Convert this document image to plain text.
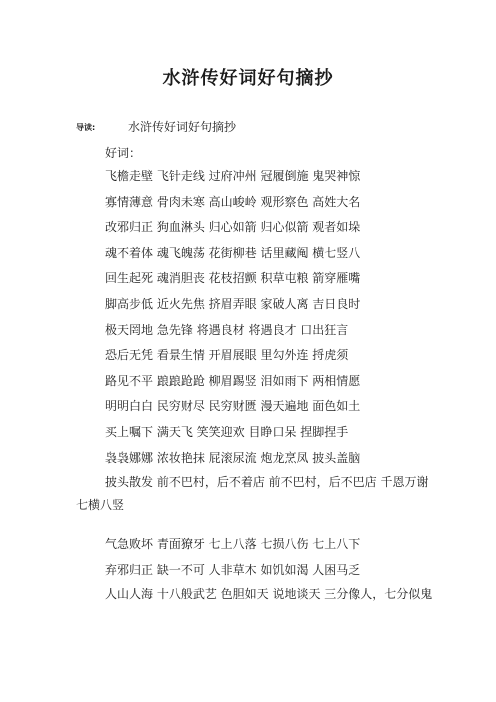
水浒传好词好句摘抄
导读:	水浒传好词好句摘抄
好词：
飞檐走壁 飞针走线 过府冲州 冠履倒施 鬼哭神惊
寡情薄意 骨肉未寒 高山峻岭 观形察色 高姓大名
改邪归正 狗血淋头 归心如箭 归心似箭 观者如垛
魂不着体 魂飞魄荡 花街柳巷 话里藏阄 横七竖八
回生起死 魂消胆丧 花枝招颤 积草屯粮 箭穿雁嘴
脚高步低 近火先焦 挤眉弄眼 家破人离 吉日良时
极天罔地 急先锋 将遇良材 将遇良才 口出狂言
恐后无凭 看景生情 开眉展眼 里勾外连 捋虎须
路见不平 踉踉跄跄 柳眉踢竖 泪如雨下 两相情愿
明明白白 民穷财尽 民穷财匮 漫天遍地 面色如土
买上嘱下 满天飞 笑笑迎欢 目睁口呆 捏脚捏手
袅袅娜娜 浓妆艳抹 屁滚尿流 炮龙烹凤 披头盖脑
披头散发 前不巴村，后不着店 前不巴村，后不巴店 千恩万谢 七横八竖
气急败坏 青面獠牙 七上八落 七损八伤 七上八下
弃邪归正 缺一不可 人非草木 如饥如渴 人困马乏
人山人海 十八般武艺 色胆如天 说地谈天 三分像人，七分似鬼
